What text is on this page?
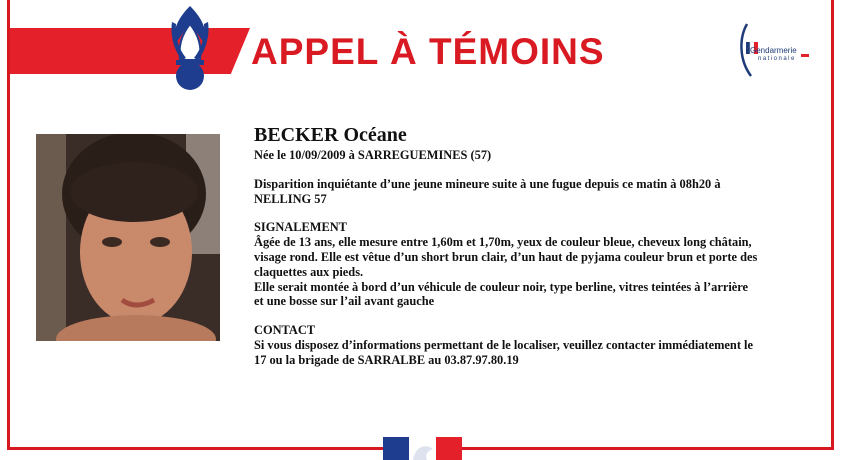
APPEL À TÉMOINS	Gendarmerie
nationale
BECKER Océane
Née le 10/09/2009 à SARREGUEMINES (57)
Disparition inquiétante d’une jeune mineure suite à une fugue depuis ce matin à 08h20 à
NELLING 57
SIGNALEMENT
Âgée de 13 ans, elle mesure entre 1,60m et 1,70m, yeux de couleur bleue, cheveux long châtain,
visage rond. Elle est vêtue d’un short brun clair, d’un haut de pyjama couleur brun et porte des
claquettes aux pieds.
Elle serait montée à bord d’un véhicule de couleur noir, type berline, vitres teintées à l’arrière
et une bosse sur l’ail avant gauche
CONTACT
Si vous disposez d’informations permettant de le localiser, veuillez contacter immédiatement le
17 ou la brigade de SARRALBE au 03.87.97.80.19
